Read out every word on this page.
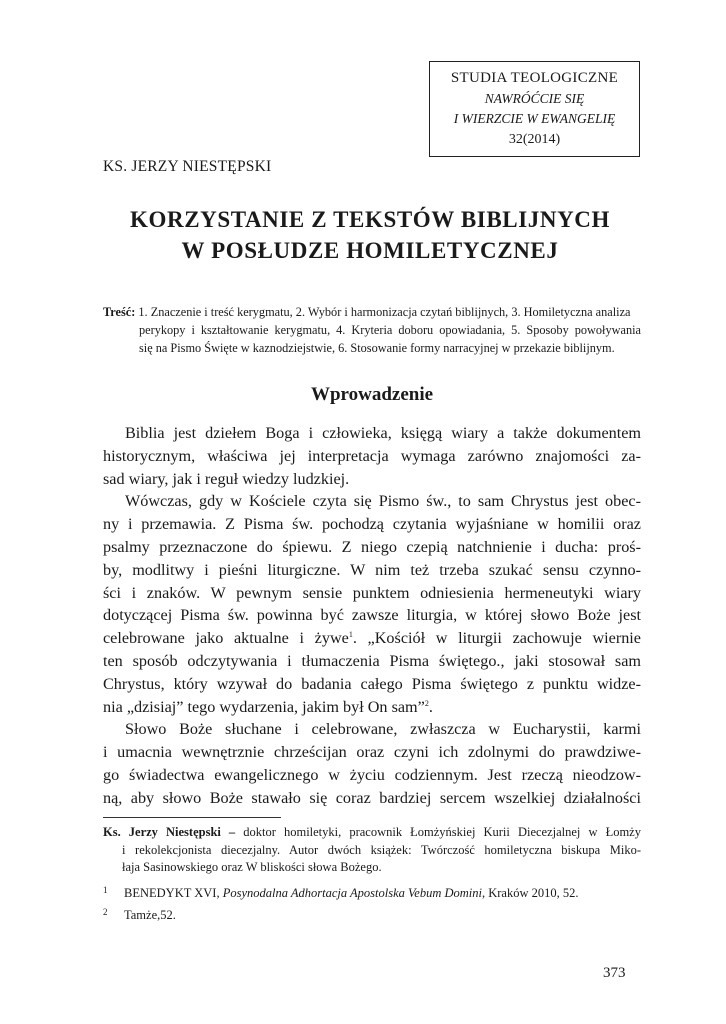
STUDIA TEOLOGICZNE
NAWRÓĆCIE SIĘ
I WIERZCIE W EWANGELIĘ
32(2014)
KS. JERZY NIESTĘPSKI
KORZYSTANIE Z TEKSTÓW BIBLIJNYCH
W POSŁUDZE HOMILETYCZNEJ
Treść: 1. Znaczenie i treść kerygmatu, 2. Wybór i harmonizacja czytań biblijnych, 3. Homiletyczna analiza
perykopy i kształtowanie kerygmatu, 4. Kryteria doboru opowiadania, 5. Sposoby powoływania
się na Pismo Święte w kaznodziejstwie, 6. Stosowanie formy narracyjnej w przekazie biblijnym.
Wprowadzenie
Biblia jest dziełem Boga i człowieka, księgą wiary a także dokumentem
historycznym, właściwa jej interpretacja wymaga zarówno znajomości za-
sad wiary, jak i reguł wiedzy ludzkiej.
Wówczas, gdy w Kościele czyta się Pismo św., to sam Chrystus jest obec-
ny i przemawia. Z Pisma św. pochodzą czytania wyjaśniane w homilii oraz
psalmy przeznaczone do śpiewu. Z niego czepią natchnienie i ducha: proś-
by, modlitwy i pieśni liturgiczne. W nim też trzeba szukać sensu czynno-
ści i znaków. W pewnym sensie punktem odniesienia hermeneutyki wiary
dotyczącej Pisma św. powinna być zawsze liturgia, w której słowo Boże jest
celebrowane jako aktualne i żywe$^1$. „Kościół w liturgii zachowuje wiernie
ten sposób odczytywania i tłumaczenia Pisma świętego., jaki stosował sam
Chrystus, który wzywał do badania całego Pisma świętego z punktu widze-
nia „dzisiaj” tego wydarzenia, jakim był On sam”$^2$.
Słowo Boże słuchane i celebrowane, zwłaszcza w Eucharystii, karmi
i umacnia wewnętrznie chrześcijan oraz czyni ich zdolnymi do prawdziwe-
go świadectwa ewangelicznego w życiu codziennym. Jest rzeczą nieodzow-
ną, aby słowo Boże stawało się coraz bardziej sercem wszelkiej działalności
Ks. Jerzy Niestępski – doktor homiletyki, pracownik Łomżyńskiej Kurii Diecezjalnej w Łomży
i rekolekcjonista diecezjalny. Autor dwóch książek: Twórczość homiletyczna biskupa Miko-
łaja Sasinowskiego oraz W bliskości słowa Bożego.
1 BENEDYKT XVI, Posynodalna Adhortacja Apostolska Vebum Domini, Kraków 2010, 52.
2 Tamże,52.
373
